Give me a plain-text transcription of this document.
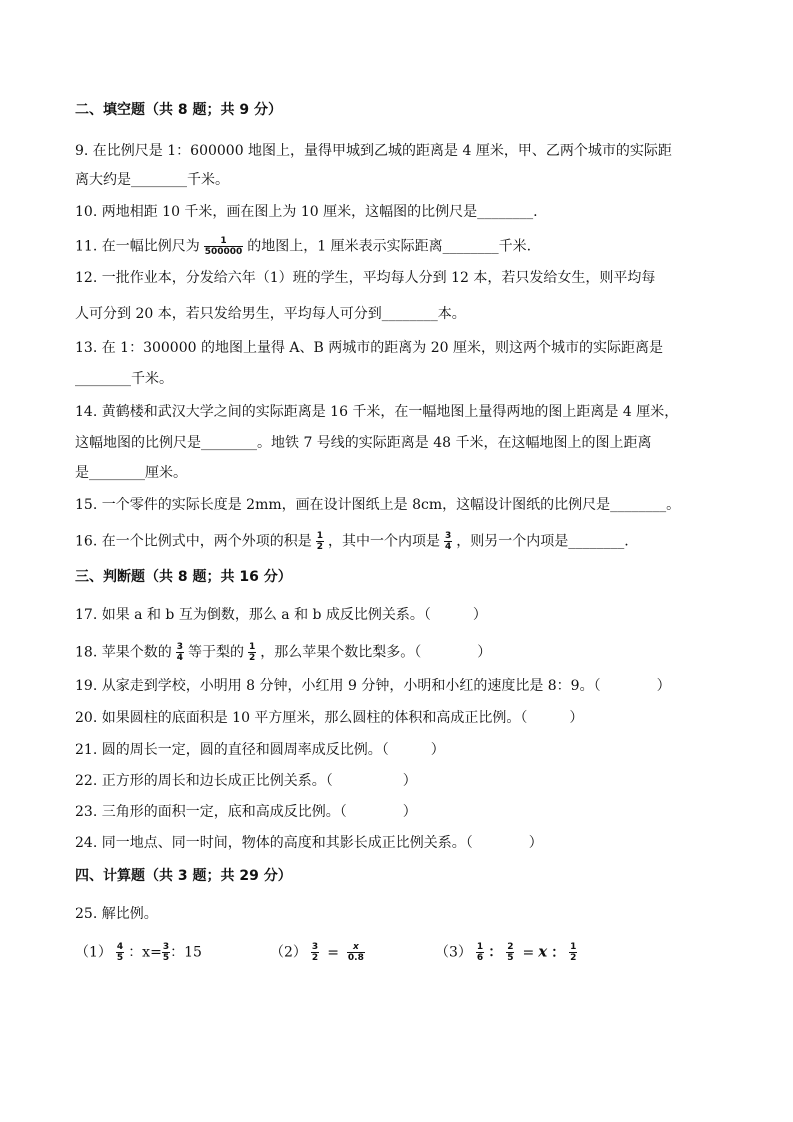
二、填空题（共 8 题；共 9 分）
9. 在比例尺是 1：600000 地图上，量得甲城到乙城的距离是 4 厘米，甲、乙两个城市的实际距
离大约是________千米。
10. 两地相距 10 千米，画在图上为 10 厘米，这幅图的比例尺是________.
11. 在一幅比例尺为 $\frac{1}{500000}$ 的地图上，1 厘米表示实际距离________千米.
12. 一批作业本，分发给六年（1）班的学生，平均每人分到 12 本，若只发给女生，则平均每
人可分到 20 本，若只发给男生，平均每人可分到________本。
13. 在 1：300000 的地图上量得 A、B 两城市的距离为 20 厘米，则这两个城市的实际距离是
________千米。
14. 黄鹤楼和武汉大学之间的实际距离是 16 千米，在一幅地图上量得两地的图上距离是 4 厘米，
这幅地图的比例尺是________。地铁 7 号线的实际距离是 48 千米，在这幅地图上的图上距离
是________厘米。
15. 一个零件的实际长度是 2mm，画在设计图纸上是 8cm，这幅设计图纸的比例尺是________。
16. 在一个比例式中，两个外项的积是 $\frac{1}{2}$ ，其中一个内项是 $\frac{3}{4}$ ，则另一个内项是________.
三、判断题（共 8 题；共 16 分）
17. 如果 a 和 b 互为倒数，那么 a 和 b 成反比例关系。（　　　）
18. 苹果个数的 $\frac{3}{4}$ 等于梨的 $\frac{1}{2}$ ，那么苹果个数比梨多。（　　　　）
19. 从家走到学校，小明用 8 分钟，小红用 9 分钟，小明和小红的速度比是 8：9。（　　　　）
20. 如果圆柱的底面积是 10 平方厘米，那么圆柱的体积和高成正比例。（　　　）
21. 圆的周长一定，圆的直径和圆周率成反比例。（　　　）
22. 正方形的周长和边长成正比例关系。（　　　　　）
23. 三角形的面积一定，底和高成反比例。（　　　　）
24. 同一地点、同一时间，物体的高度和其影长成正比例关系。（　　　　）
四、计算题（共 3 题；共 29 分）
25. 解比例。
$(1) \frac{4}{5}$ ：$x= \frac{3}{5}$ ：15	$(2) \frac{3}{2} = \frac{x}{0.8}$	$(3) \frac{1}{6}$ ： $\frac{2}{5} = x$ ： $\frac{1}{2}$
